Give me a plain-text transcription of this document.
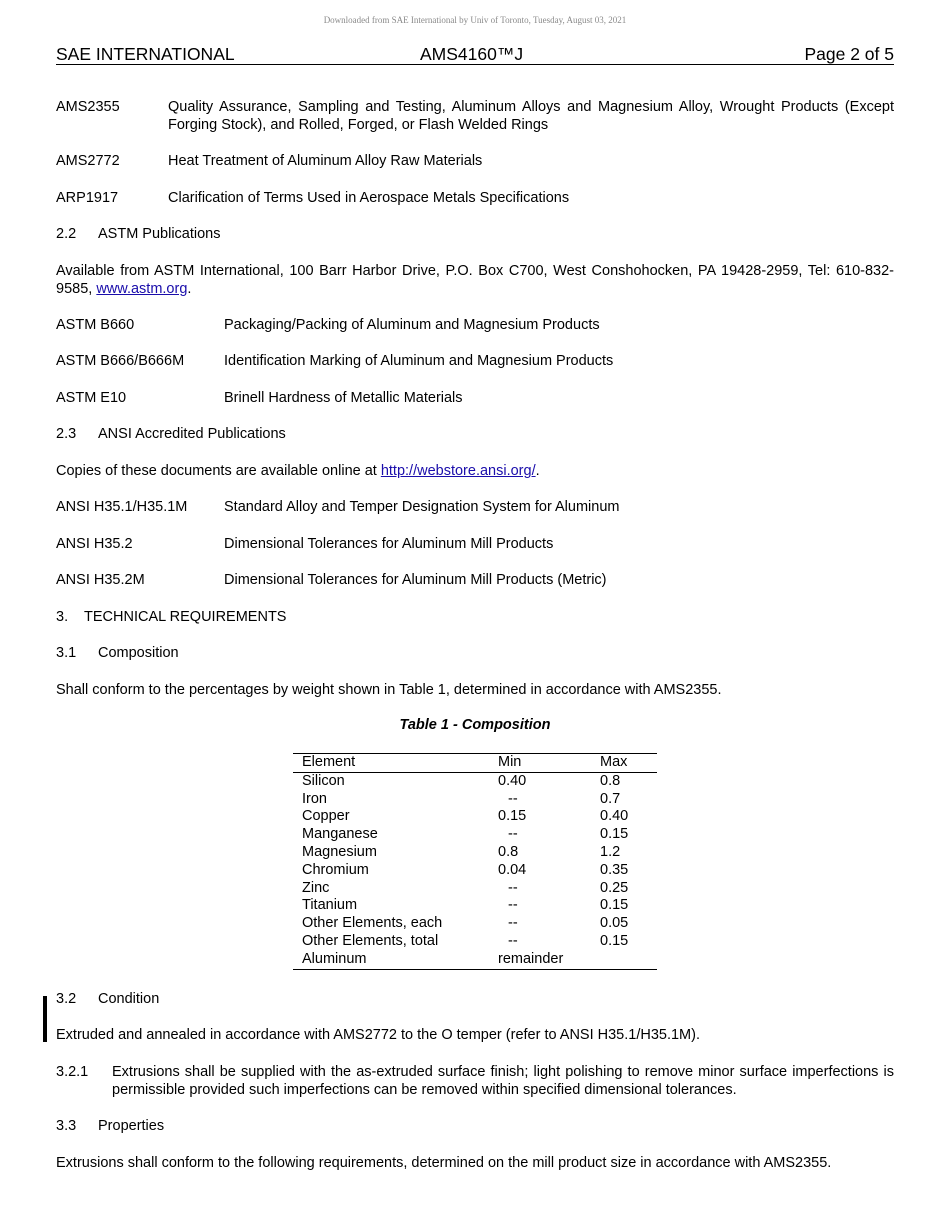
Downloaded from SAE International by Univ of Toronto, Tuesday, August 03, 2021
SAE INTERNATIONAL	AMS4160™J	Page 2 of 5
AMS2355	Quality Assurance, Sampling and Testing, Aluminum Alloys and Magnesium Alloy, Wrought Products (Except Forging Stock), and Rolled, Forged, or Flash Welded Rings
AMS2772	Heat Treatment of Aluminum Alloy Raw Materials
ARP1917	Clarification of Terms Used in Aerospace Metals Specifications
2.2 ASTM Publications
Available from ASTM International, 100 Barr Harbor Drive, P.O. Box C700, West Conshohocken, PA 19428-2959, Tel: 610-832-9585, www.astm.org.
ASTM B660	Packaging/Packing of Aluminum and Magnesium Products
ASTM B666/B666M	Identification Marking of Aluminum and Magnesium Products
ASTM E10	Brinell Hardness of Metallic Materials
2.3 ANSI Accredited Publications
Copies of these documents are available online at http://webstore.ansi.org/.
ANSI H35.1/H35.1M	Standard Alloy and Temper Designation System for Aluminum
ANSI H35.2	Dimensional Tolerances for Aluminum Mill Products
ANSI H35.2M	Dimensional Tolerances for Aluminum Mill Products (Metric)
3. TECHNICAL REQUIREMENTS
3.1 Composition
Shall conform to the percentages by weight shown in Table 1, determined in accordance with AMS2355.
Table 1 - Composition
Element	Min	Max
Silicon	0.40	0.8
Iron	--	0.7
Copper	0.15	0.40
Manganese	--	0.15
Magnesium	0.8	1.2
Chromium	0.04	0.35
Zinc	--	0.25
Titanium	--	0.15
Other Elements, each	--	0.05
Other Elements, total	--	0.15
Aluminum	remainder	
3.2 Condition
Extruded and annealed in accordance with AMS2772 to the O temper (refer to ANSI H35.1/H35.1M).
3.2.1 Extrusions shall be supplied with the as-extruded surface finish; light polishing to remove minor surface imperfections is permissible provided such imperfections can be removed within specified dimensional tolerances.
3.3 Properties
Extrusions shall conform to the following requirements, determined on the mill product size in accordance with AMS2355.
